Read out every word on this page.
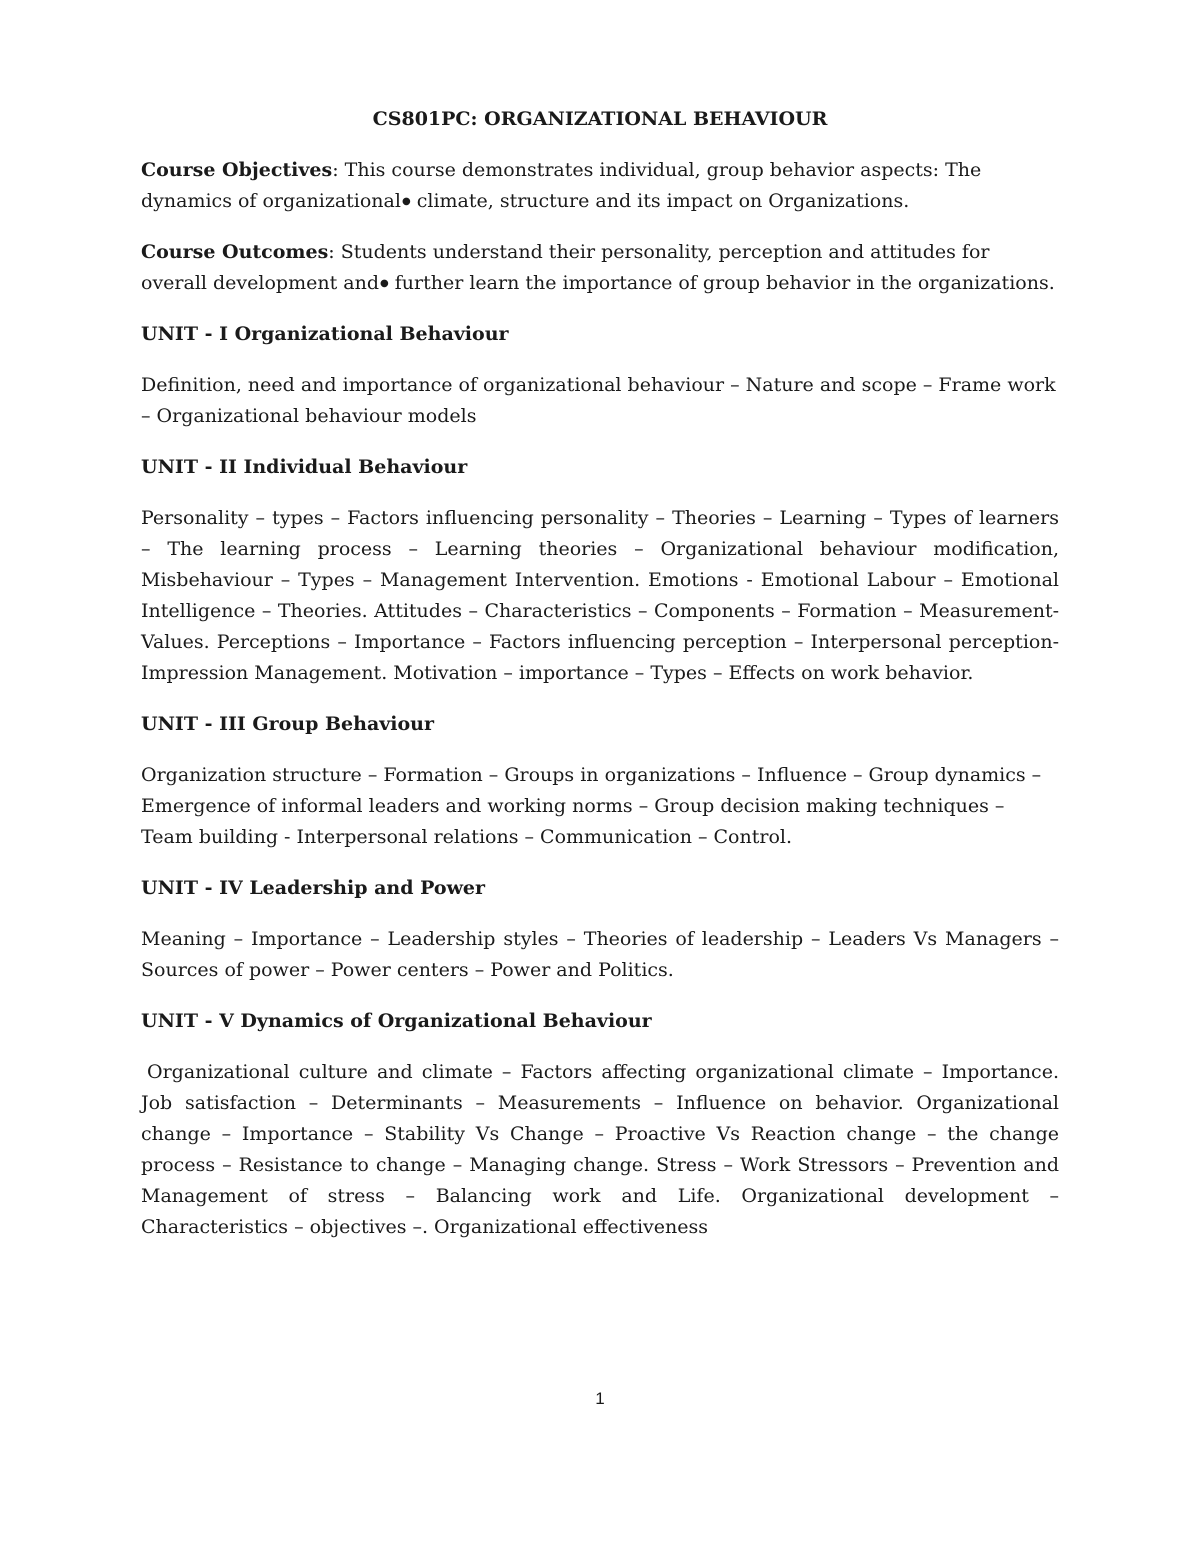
CS801PC: ORGANIZATIONAL BEHAVIOUR
Course Objectives: This course demonstrates individual, group behavior aspects: The dynamics of organizational● climate, structure and its impact on Organizations.
Course Outcomes: Students understand their personality, perception and attitudes for overall development and● further learn the importance of group behavior in the organizations.
UNIT - I Organizational Behaviour
Definition, need and importance of organizational behaviour – Nature and scope – Frame work – Organizational behaviour models
UNIT - II Individual Behaviour
Personality – types – Factors influencing personality – Theories – Learning – Types of learners – The learning process – Learning theories – Organizational behaviour modification, Misbehaviour – Types – Management Intervention. Emotions - Emotional Labour – Emotional Intelligence – Theories. Attitudes – Characteristics – Components – Formation – Measurement- Values. Perceptions – Importance – Factors influencing perception – Interpersonal perception- Impression Management. Motivation – importance – Types – Effects on work behavior.
UNIT - III Group Behaviour
Organization structure – Formation – Groups in organizations – Influence – Group dynamics – Emergence of informal leaders and working norms – Group decision making techniques – Team building - Interpersonal relations – Communication – Control.
UNIT - IV Leadership and Power
Meaning – Importance – Leadership styles – Theories of leadership – Leaders Vs Managers – Sources of power – Power centers – Power and Politics.
UNIT - V Dynamics of Organizational Behaviour
Organizational culture and climate – Factors affecting organizational climate – Importance. Job satisfaction – Determinants – Measurements – Influence on behavior. Organizational change – Importance – Stability Vs Change – Proactive Vs Reaction change – the change process – Resistance to change – Managing change. Stress – Work Stressors – Prevention and Management of stress – Balancing work and Life. Organizational development – Characteristics – objectives –. Organizational effectiveness
1
